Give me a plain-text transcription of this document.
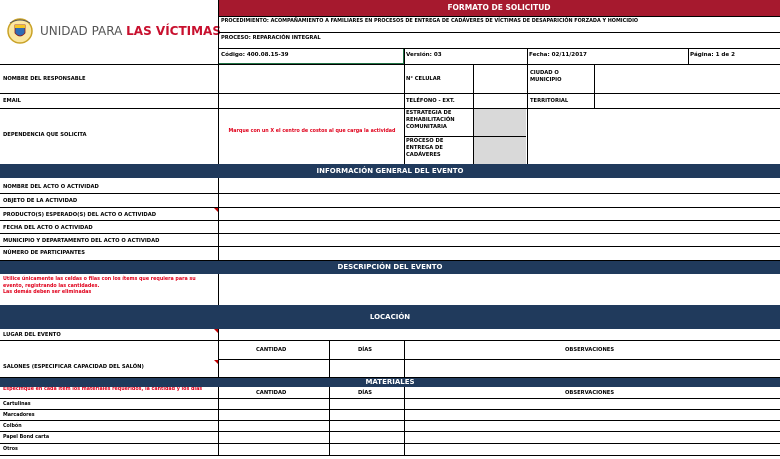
UNIDAD PARA LAS VÍCTIMAS
FORMATO DE SOLICITUD
PROCEDIMIENTO: ACOMPAÑAMIENTO A FAMILIARES EN PROCESOS DE ENTREGA DE CADÁVERES DE VÍCTIMAS DE DESAPARICIÓN FORZADA Y HOMICIDIO
PROCESO: REPARACIÓN INTEGRAL
Código: 400.08.15-39	Versión: 03	Fecha: 02/11/2017	Página: 1 de 2
NOMBRE DEL RESPONSABLE	N° CELULAR
CIUDAD O MUNICIPIO
EMAIL	TELÉFONO - EXT.	TERRITORIAL
DEPENDENCIA QUE SOLICITA
Marque con un X el centro de costos al que carga la actividad
ESTRATEGIA DE REHABILITACIÓN COMUNITARIA
PROCESO DE ENTREGA DE CADÁVERES
INFORMACIÓN GENERAL DEL EVENTO
NOMBRE DEL ACTO O ACTIVIDAD
OBJETO DE LA ACTIVIDAD
PRODUCTO(S) ESPERADO(S) DEL ACTO O ACTIVIDAD
FECHA DEL ACTO O ACTIVIDAD
MUNICIPIO Y DEPARTAMENTO DEL ACTO O ACTIVIDAD
NÚMERO DE PARTICIPANTES
DESCRIPCIÓN DEL EVENTO
Utilice únicamente las celdas o filas con los ítems que requiera para su evento, registrando las cantidades.
Las demás deben ser eliminadas
LOCACIÓN
LUGAR DEL EVENTO
CANTIDAD	DÍAS	OBSERVACIONES
SALONES (ESPECIFICAR CAPACIDAD DEL SALÓN)
MATERIALES
Especifique en cada ítem los materiales requeridos, la cantidad y los días
CANTIDAD	DÍAS	OBSERVACIONES
Cartulinas
Marcadores
Colbón
Papel Bond carta
Otros
